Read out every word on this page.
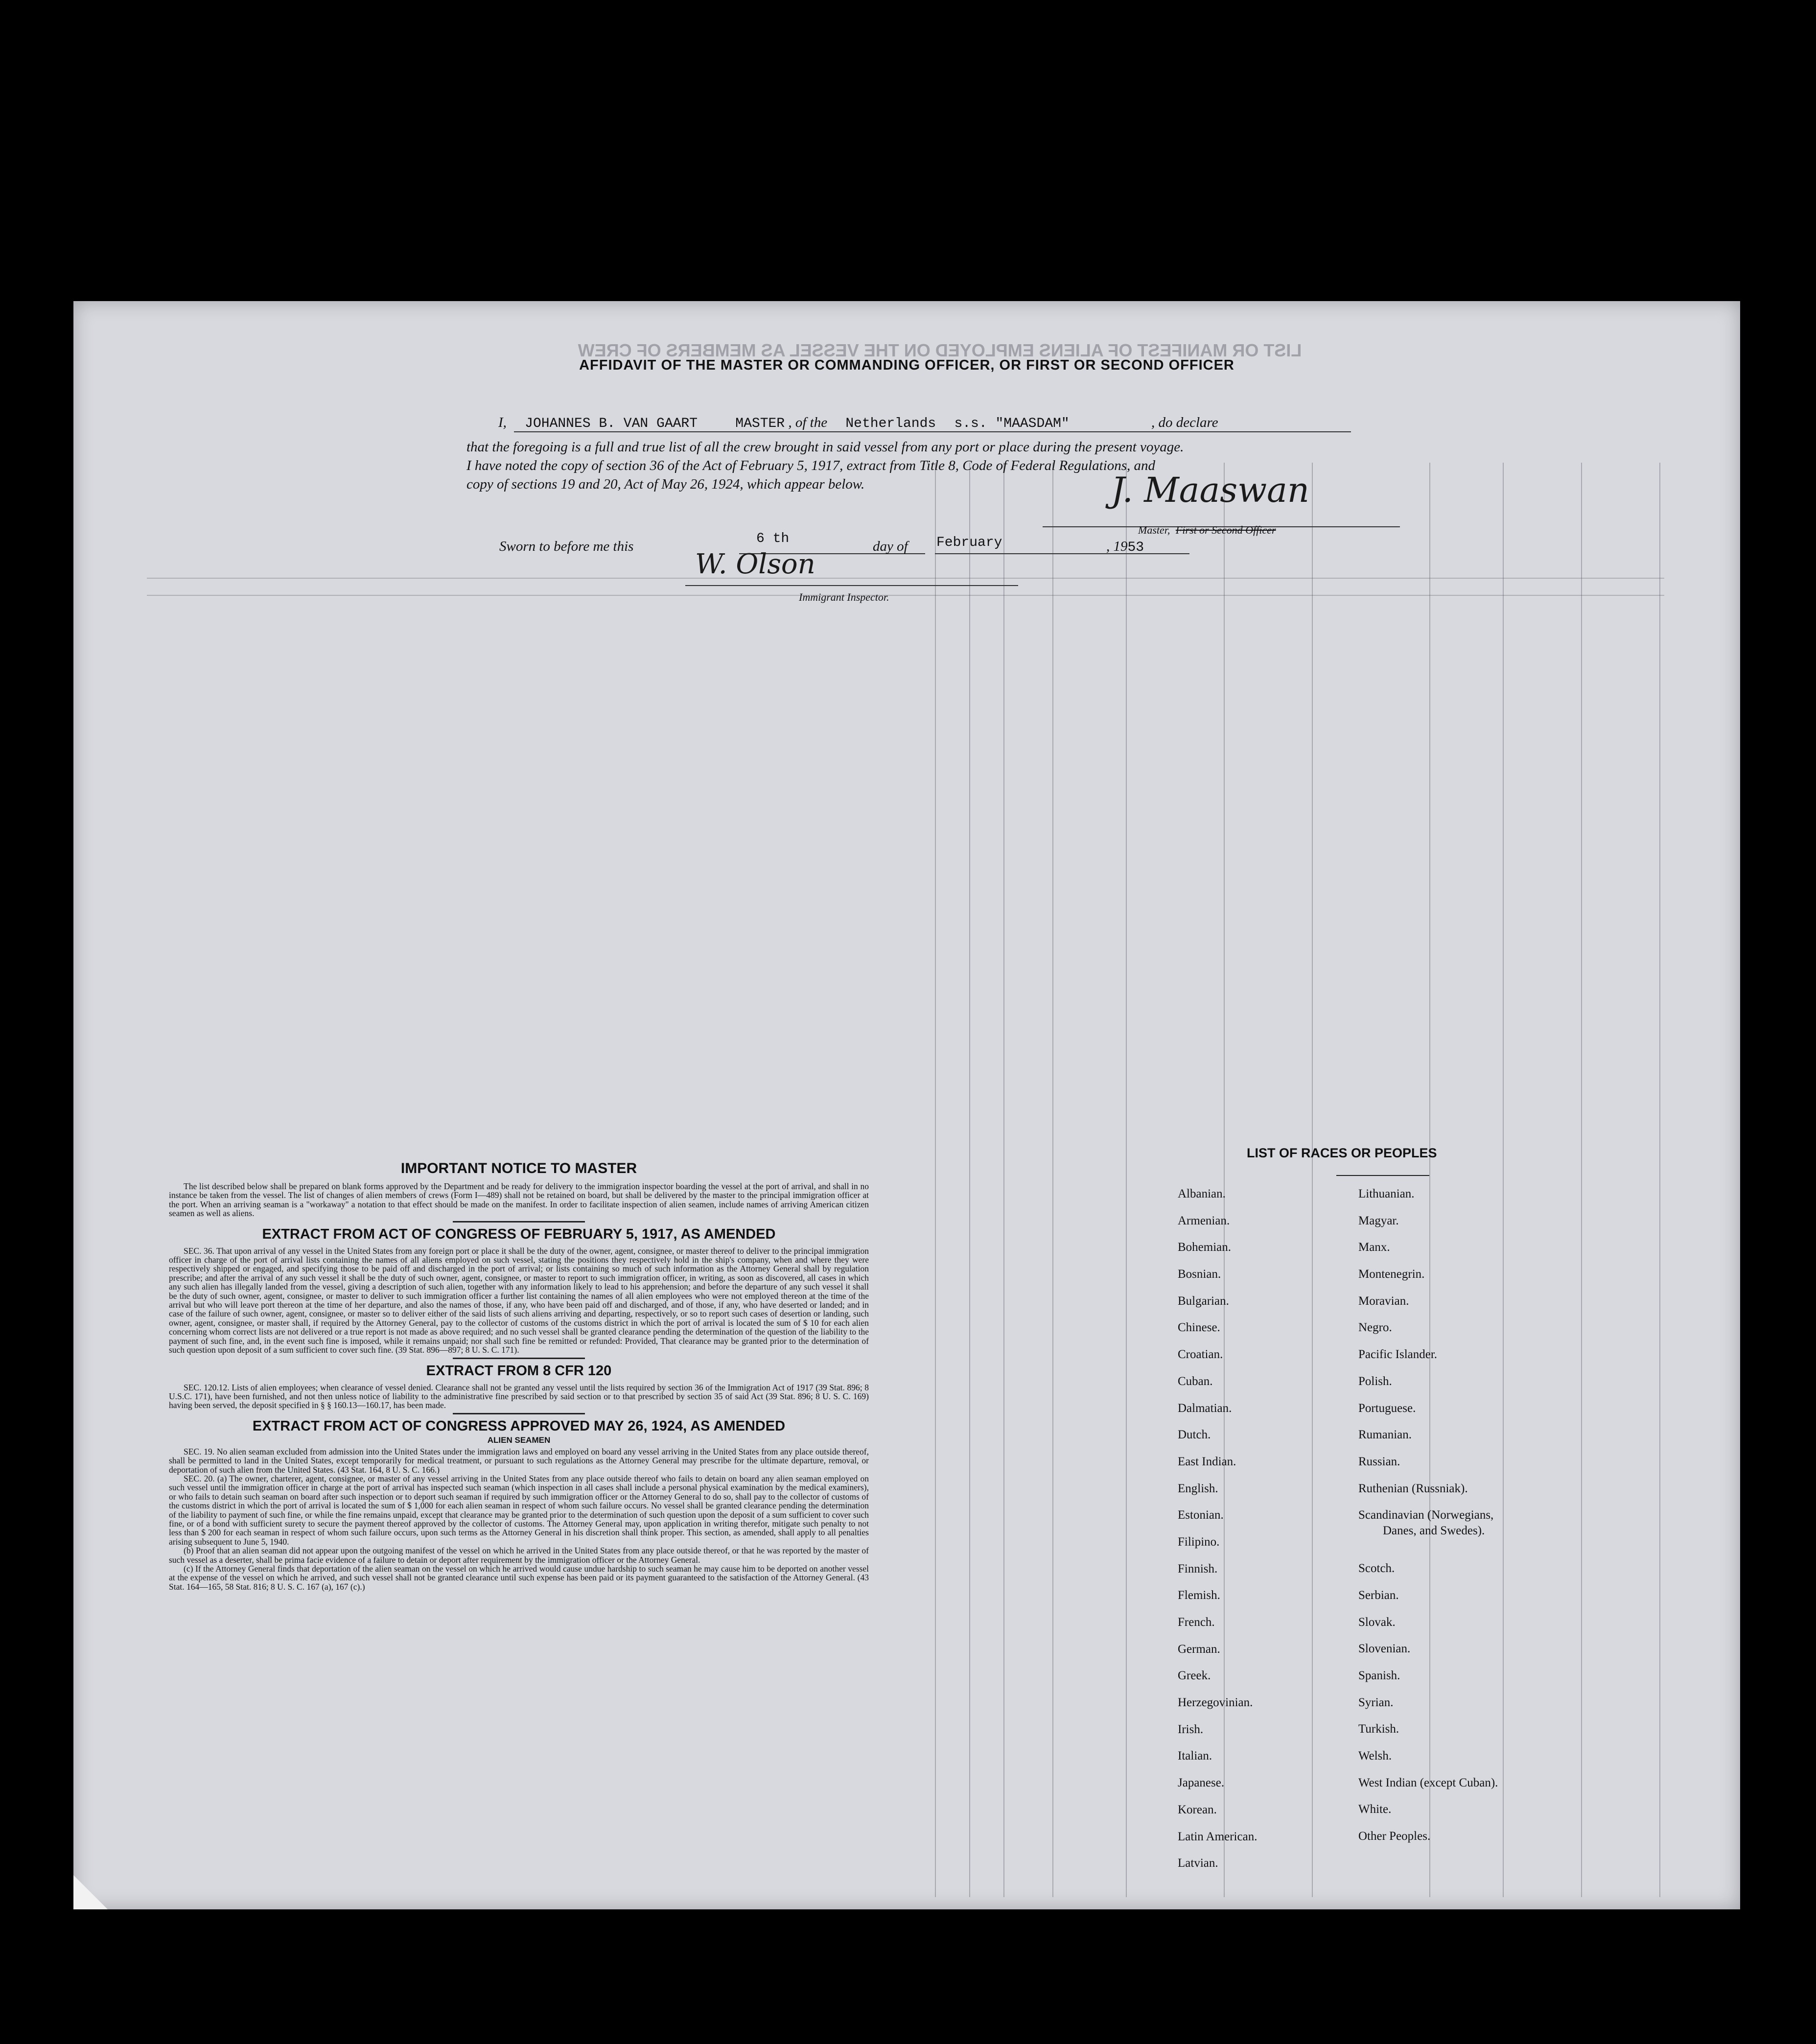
LIST OR MANIFEST OF ALIENS EMPLOYED ON THE VESSEL AS MEMBERS OF CREW
AFFIDAVIT OF THE MASTER OR COMMANDING OFFICER, OR FIRST OR SECOND OFFICER
I, JOHANNES B. VAN GAART	MASTER , of the Netherlands s.s. "MAASDAM"	, do declare
that the foregoing is a full and true list of all the crew brought in said vessel from any port or place during the present voyage.
I have noted the copy of section 36 of the Act of February 5, 1917, extract from Title 8, Code of Federal Regulations, and
copy of sections 19 and 20, Act of May 26, 1924, which appear below.	J. Maaswan
Master, First or Second Officer
Sworn to before me this	6 th	day of February	, 1953
W. Olson
Immigrant Inspector.
IMPORTANT NOTICE TO MASTER

The list described below shall be prepared on blank forms approved by the Department and be ready for delivery to the immigration inspector boarding the vessel at the port of arrival, and shall in no instance be taken from the vessel. The list of changes of alien members of crews (Form I—489) shall not be retained on board, but shall be delivered by the master to the principal immigration officer at the port. When an arriving seaman is a "workaway" a notation to that effect should be made on the manifest. In order to facilitate inspection of alien seamen, include names of arriving American citizen seamen as well as aliens.

EXTRACT FROM ACT OF CONGRESS OF FEBRUARY 5, 1917, AS AMENDED

SEC. 36. That upon arrival of any vessel in the United States from any foreign port or place it shall be the duty of the owner, agent, consignee, or master thereof to deliver to the principal immigration officer in charge of the port of arrival lists containing the names of all aliens employed on such vessel, stating the positions they respectively hold in the ship's company, when and where they were respectively shipped or engaged, and specifying those to be paid off and discharged in the port of arrival; or lists containing so much of such information as the Attorney General shall by regulation prescribe; and after the arrival of any such vessel it shall be the duty of such owner, agent, consignee, or master to report to such immigration officer, in writing, as soon as discovered, all cases in which any such alien has illegally landed from the vessel, giving a description of such alien, together with any information likely to lead to his apprehension; and before the departure of any such vessel it shall be the duty of such owner, agent, consignee, or master to deliver to such immigration officer a further list containing the names of all alien employees who were not employed thereon at the time of the arrival but who will leave port thereon at the time of her departure, and also the names of those, if any, who have been paid off and discharged, and of those, if any, who have deserted or landed; and in case of the failure of such owner, agent, consignee, or master so to deliver either of the said lists of such aliens arriving and departing, respectively, or so to report such cases of desertion or landing, such owner, agent, consignee, or master shall, if required by the Attorney General, pay to the collector of customs of the customs district in which the port of arrival is located the sum of $ 10 for each alien concerning whom correct lists are not delivered or a true report is not made as above required; and no such vessel shall be granted clearance pending the determination of the question of the liability to the payment of such fine, and, in the event such fine is imposed, while it remains unpaid; nor shall such fine be remitted or refunded: Provided, That clearance may be granted prior to the determination of such question upon deposit of a sum sufficient to cover such fine. (39 Stat. 896—897; 8 U. S. C. 171).

EXTRACT FROM 8 CFR 120

SEC. 120.12. Lists of alien employees; when clearance of vessel denied. Clearance shall not be granted any vessel until the lists required by section 36 of the Immigration Act of 1917 (39 Stat. 896; 8 U.S.C. 171), have been furnished, and not then unless notice of liability to the administrative fine prescribed by said section or to that prescribed by section 35 of said Act (39 Stat. 896; 8 U. S. C. 169) having been served, the deposit specified in § § 160.13—160.17, has been made.

EXTRACT FROM ACT OF CONGRESS APPROVED MAY 26, 1924, AS AMENDED
ALIEN SEAMEN

SEC. 19. No alien seaman excluded from admission into the United States under the immigration laws and employed on board any vessel arriving in the United States from any place outside thereof, shall be permitted to land in the United States, except temporarily for medical treatment, or pursuant to such regulations as the Attorney General may prescribe for the ultimate departure, removal, or deportation of such alien from the United States. (43 Stat. 164, 8 U. S. C. 166.)

SEC. 20. (a) The owner, charterer, agent, consignee, or master of any vessel arriving in the United States from any place outside thereof who fails to detain on board any alien seaman employed on such vessel until the immigration officer in charge at the port of arrival has inspected such seaman (which inspection in all cases shall include a personal physical examination by the medical examiners), or who fails to detain such seaman on board after such inspection or to deport such seaman if required by such immigration officer or the Attorney General to do so, shall pay to the collector of customs of the customs district in which the port of arrival is located the sum of $ 1,000 for each alien seaman in respect of whom such failure occurs. No vessel shall be granted clearance pending the determination of the liability to payment of such fine, or while the fine remains unpaid, except that clearance may be granted prior to the determination of such question upon the deposit of a sum sufficient to cover such fine, or of a bond with sufficient surety to secure the payment thereof approved by the collector of customs. The Attorney General may, upon application in writing therefor, mitigate such penalty to not less than $ 200 for each seaman in respect of whom such failure occurs, upon such terms as the Attorney General in his discretion shall think proper. This section, as amended, shall apply to all penalties arising subsequent to June 5, 1940.

(b) Proof that an alien seaman did not appear upon the outgoing manifest of the vessel on which he arrived in the United States from any place outside thereof, or that he was reported by the master of such vessel as a deserter, shall be prima facie evidence of a failure to detain or deport after requirement by the immigration officer or the Attorney General.

(c) If the Attorney General finds that deportation of the alien seaman on the vessel on which he arrived would cause undue hardship to such seaman he may cause him to be deported on another vessel at the expense of the vessel on which he arrived, and such vessel shall not be granted clearance until such expense has been paid or its payment guaranteed to the satisfaction of the Attorney General. (43 Stat. 164—165, 58 Stat. 816; 8 U. S. C. 167 (a), 167 (c).)

LIST OF RACES OR PEOPLES
Albanian.
Armenian.
Bohemian.
Bosnian.
Bulgarian.
Chinese.
Croatian.
Cuban.
Dalmatian.
Dutch.
East Indian.
English.
Estonian.
Filipino.
Finnish.
Flemish.
French.
German.
Greek.
Herzegovinian.
Irish.
Italian.
Japanese.
Korean.
Latin American.
Latvian.
Lithuanian.
Magyar.
Manx.
Montenegrin.
Moravian.
Negro.
Pacific Islander.
Polish.
Portuguese.
Rumanian.
Russian.
Ruthenian (Russniak).
Scandinavian (Norwegians,
Danes, and Swedes).
Scotch.
Serbian.
Slovak.
Slovenian.
Spanish.
Syrian.
Turkish.
Welsh.
West Indian (except Cuban).
White.
Other Peoples.
